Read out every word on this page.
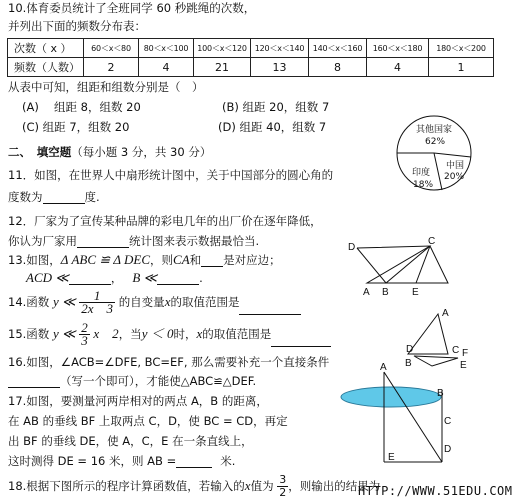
10.体育委员统计了全班同学 60 秒跳绳的次数，
并列出下面的频数分布表：
次数（ x ）	60＜x＜80	80＜x＜100	100＜x＜120	120＜x＜140	140＜x＜160	160＜x＜180	180＜x＜200
频数（人数）	2	4	21	13	8	4	1
从表中可知，组距和组数分别是（　）
(A)　 组距 8，组数 20	(B) 组距 20，组数 7
(C) 组距 7，组数 20	(D) 组距 40，组数 7
二、　填空题（每小题 3 分，共 30 分）
其他国家
62%
中国
20%
印度
18%
11．如图，在世界人中扇形统计图中，关于中国部分的圆心角的
度数为	度.
12．厂家为了宣传某种品牌的彩电几年的出厂价在逐年降低，
你认为厂家用	统计图来表示数据最恰当.
13.如图，Δ ABC ≌ Δ DEC，则CA和 是对应边；
ACD ≪	， B ≪	.
D
C
A B E
14.函数 y ≪ $\frac{1}{2x 3}$ 的自变量x的取值范围是
15.函数 y ≪ $\frac{2}{3}$ x　2，当y ＜ 0时，x的取值范围是
16.如图，∠ACB=∠DFE, BC=EF, 那么需要补充一个直接条件
（写一个即可），才能使△ABC≌△DEF.
A
D	C F
B	E
17.如图，要测量河两岸相对的两点 A，B 的距离，
在 AB 的垂线 BF 上取两点 C，D，使 BC = CD，再定
出 BF 的垂线 DE，使 A，C，E 在一条直线上，
这时测得 DE = 16 米，则 AB =	米.
A
B
C
D
E
18.根据下图所示的程序计算函数值，若输入的x值为 $\frac{3}{2}$ ，则输出的结果为
HTTP://WWW.51EDU.COM
